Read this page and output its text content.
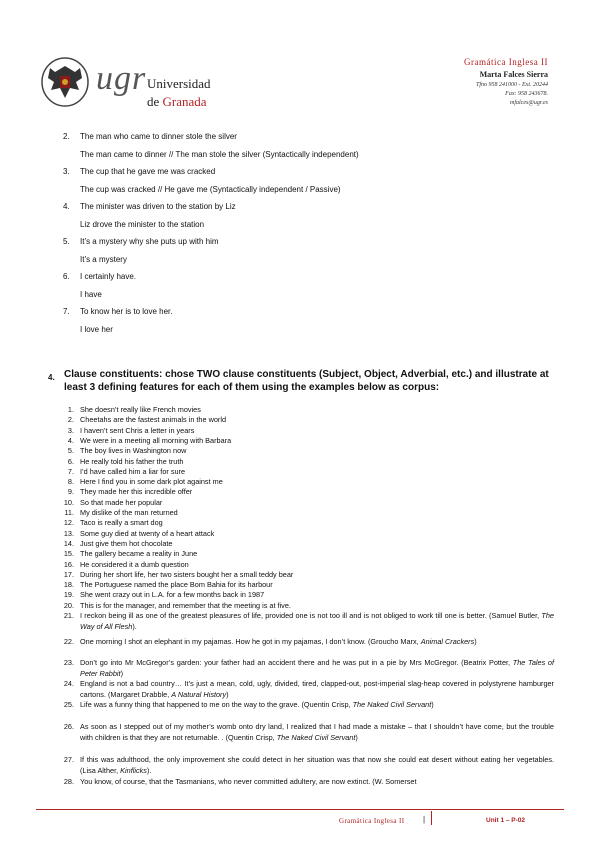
ugr Universidad
de Granada
Gramática Inglesa II
Marta Falces Sierra
Tfno 958 241000 - Ext. 20244
Fax: 958 243678.
mfalces@ugr.es
2. The man who came to dinner stole the silver
The man came to dinner // The man stole the silver (Syntactically independent)
3. The cup that he gave me was cracked
The cup was cracked // He gave me (Syntactically independent / Passive)
4. The minister was driven to the station by Liz
Liz drove the minister to the station
5. It’s a mystery why she puts up with him
It’s a mystery
6. I certainly have.
I have
7. To know her is to love her.
I love her
4. Clause constituents: chose TWO clause constituents (Subject, Object, Adverbial, etc.) and illustrate at least 3 defining features for each of them using the examples below as corpus:
1. She doesn’t really like French movies
2. Cheetahs are the fastest animals in the world
3. I haven’t sent Chris a letter in years
4. We were in a meeting all morning with Barbara
5. The boy lives in Washington now
6. He really told his father the truth
7. I’d have called him a liar for sure
8. Here I find you in some dark plot against me
9. They made her this incredible offer
10. So that made her popular
11. My dislike of the man returned
12. Taco is really a smart dog
13. Some guy died at twenty of a heart attack
14. Just give them hot chocolate
15. The gallery became a reality in June
16. He considered it a dumb question
17. During her short life, her two sisters bought her a small teddy bear
18. The Portuguese named the place Bom Bahia for its harbour
19. She went crazy out in L.A. for a few months back in 1987
20. This is for the manager, and remember that the meeting is at five.
21. I reckon being ill as one of the greatest pleasures of life, provided one is not too ill and is not obliged to work till one is better. (Samuel Butler, The Way of All Flesh).
22. One morning I shot an elephant in my pajamas. How he got in my pajamas, I don’t know. (Groucho Marx, Animal Crackers)
23. Don’t go into Mr McGregor’s garden: your father had an accident there and he was put in a pie by Mrs McGregor. (Beatrix Potter, The Tales of Peter Rabbit)
24. England is not a bad country… It’s just a mean, cold, ugly, divided, tired, clapped-out, post-imperial slag-heap covered in polystyrene hamburger cartons. (Margaret Drabble, A Natural History)
25. Life was a funny thing that happened to me on the way to the grave. (Quentin Crisp, The Naked Civil Servant)
26. As soon as I stepped out of my mother’s womb onto dry land, I realized that I had made a mistake – that I shouldn’t have come, but the trouble with children is that they are not returnable. . (Quentin Crisp, The Naked Civil Servant)
27. If this was adulthood, the only improvement she could detect in her situation was that now she could eat desert without eating her vegetables. (Lisa Alther, Kinflicks).
28. You know, of course, that the Tasmanians, who never committed adultery, are now extinct. (W. Somerset
Gramática Inglesa II |	Unit 1 – P-02
